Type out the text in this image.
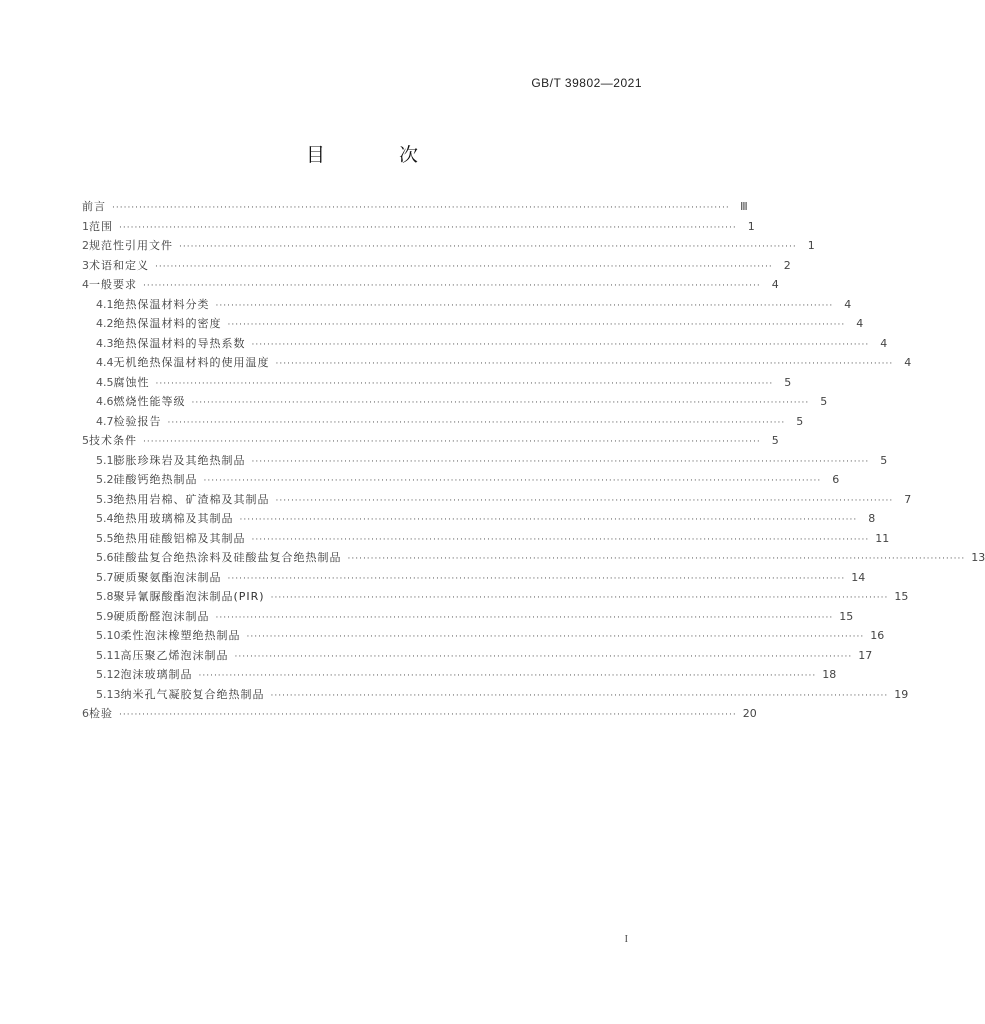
GB/T 39802—2021
目 次
前言 ································································································································································ Ⅲ
1 范围 ································································································································································	1
2 规范性引用文件 ································································································································································	1
3 术语和定义 ································································································································································	2
4 一般要求 ································································································································································	4
4.1 绝热保温材料分类 ································································································································································	4
4.2 绝热保温材料的密度 ································································································································································	4
4.3 绝热保温材料的导热系数 ································································································································································	4
4.4 无机绝热保温材料的使用温度 ································································································································································	4
4.5 腐蚀性 ································································································································································	5
4.6 燃烧性能等级 ································································································································································	5
4.7 检验报告 ································································································································································	5
5 技术条件 ································································································································································	5
5.1 膨胀珍珠岩及其绝热制品 ································································································································································	5
5.2 硅酸钙绝热制品 ································································································································································	6
5.3 绝热用岩棉、矿渣棉及其制品 ································································································································································	7
5.4 绝热用玻璃棉及其制品 ································································································································································	8
5.5 绝热用硅酸铝棉及其制品 ································································································································································ 11
5.6 硅酸盐复合绝热涂料及硅酸盐复合绝热制品 ································································································································································ 13
5.7 硬质聚氨酯泡沫制品 ································································································································································ 14
5.8 聚异氰脲酸酯泡沫制品(PIR) ································································································································································ 15
5.9 硬质酚醛泡沫制品 ································································································································································ 15
5.10 柔性泡沫橡塑绝热制品 ································································································································································ 16
5.11 高压聚乙烯泡沫制品 ································································································································································ 17
5.12 泡沫玻璃制品 ································································································································································ 18
5.13 纳米孔气凝胶复合绝热制品 ································································································································································ 19
6 检验 ································································································································································ 20
I
